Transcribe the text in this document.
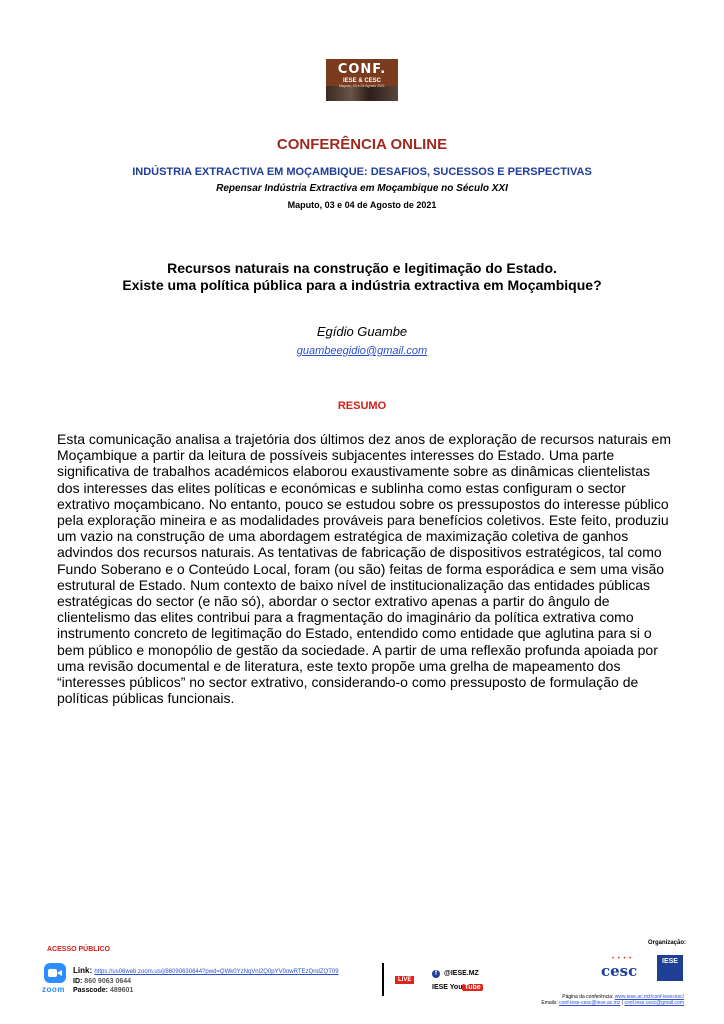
CONF.
IESE & CESC
Maputo, 03 e 04 Agosto 2021
CONFERÊNCIA ONLINE
INDÚSTRIA EXTRACTIVA EM MOÇAMBIQUE: DESAFIOS, SUCESSOS E PERSPECTIVAS
Repensar Indústria Extractiva em Moçambique no Século XXI
Maputo, 03 e 04 de Agosto de 2021
Recursos naturais na construção e legitimação do Estado.
Existe uma política pública para a indústria extractiva em Moçambique?
Egídio Guambe
guambeegidio@gmail.com
RESUMO

Esta comunicação analisa a trajetória dos últimos dez anos de exploração de recursos naturais em Moçambique a partir da leitura de possíveis subjacentes interesses do Estado. Uma parte significativa de trabalhos académicos elaborou exaustivamente sobre as dinâmicas clientelistas dos interesses das elites políticas e económicas e sublinha como estas configuram o sector extrativo moçambicano. No entanto, pouco se estudou sobre os pressupostos do interesse público pela exploração mineira e as modalidades prováveis para benefícios coletivos. Este feito, produziu um vazio na construção de uma abordagem estratégica de maximização coletiva de ganhos advindos dos recursos naturais. As tentativas de fabricação de dispositivos estratégicos, tal como Fundo Soberano e o Conteúdo Local, foram (ou são) feitas de forma esporádica e sem uma visão estrutural de Estado. Num contexto de baixo nível de institucionalização das entidades públicas estratégicas do sector (e não só), abordar o sector extrativo apenas a partir do ângulo de clientelismo das elites contribui para a fragmentação do imaginário da política extrativa como instrumento concreto de legitimação do Estado, entendido como entidade que aglutina para si o bem público e monopólio de gestão da sociedade. A partir de uma reflexão profunda apoiada por uma revisão documental e de literatura, este texto propõe uma grelha de mapeamento dos “interesses públicos” no sector extrativo, considerando-o como pressuposto de formulação de políticas públicas funcionais.

ACESSO PÚBLICO
zoom
Link: https://us06web.zoom.us/j/86090630644?pwd=QWk0YzNqVnl2Q0pYV0owRTEzQndZQT09
ID: 860 9063 0644
Passcode: 489601
LIVE
f	@IESE.MZ
IESE You Tube
Organização:
• • • •
cesc
IESE
Página da conferência: www.iese.ac.mz/conf-iesecesc/
Emails: conf-iese-cesc@iese.ac.mz | conf.iese.cesc@gmail.com
